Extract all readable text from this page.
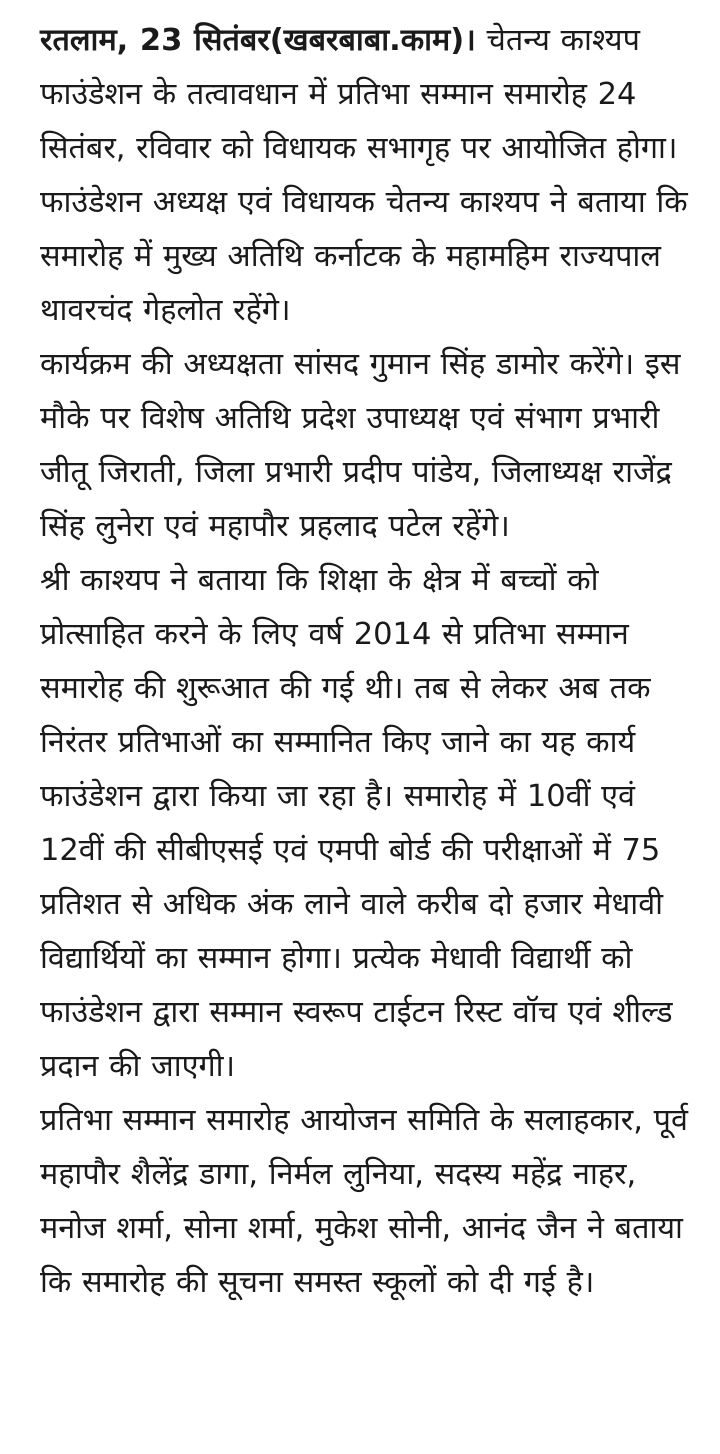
रतलाम, 23 सितंबर(खबरबाबा.काम)। चेतन्य काश्यप फाउंडेशन के तत्वावधान में प्रतिभा सम्मान समारोह 24 सितंबर, रविवार को विधायक सभागृह पर आयोजित होगा। फाउंडेशन अध्यक्ष एवं विधायक चेतन्य काश्यप ने बताया कि समारोह में मुख्य अतिथि कर्नाटक के महामहिम राज्यपाल थावरचंद गेहलोत रहेंगे।

कार्यक्रम की अध्यक्षता सांसद गुमान सिंह डामोर करेंगे। इस मौके पर विशेष अतिथि प्रदेश उपाध्यक्ष एवं संभाग प्रभारी जीतू जिराती, जिला प्रभारी प्रदीप पांडेय, जिलाध्यक्ष राजेंद्र सिंह लुनेरा एवं महापौर प्रहलाद पटेल रहेंगे।

श्री काश्यप ने बताया कि शिक्षा के क्षेत्र में बच्चों को प्रोत्साहित करने के लिए वर्ष 2014 से प्रतिभा सम्मान समारोह की शुरूआत की गई थी। तब से लेकर अब तक निरंतर प्रतिभाओं का सम्मानित किए जाने का यह कार्य फाउंडेशन द्वारा किया जा रहा है। समारोह में 10वीं एवं 12वीं की सीबीएसई एवं एमपी बोर्ड की परीक्षाओं में 75 प्रतिशत से अधिक अंक लाने वाले करीब दो हजार मेधावी विद्यार्थियों का सम्मान होगा। प्रत्येक मेधावी विद्यार्थी को फाउंडेशन द्वारा सम्मान स्वरूप टाईटन रिस्ट वॉच एवं शील्ड प्रदान की जाएगी।

प्रतिभा सम्मान समारोह आयोजन समिति के सलाहकार, पूर्व महापौर शैलेंद्र डागा, निर्मल लुनिया, सदस्य महेंद्र नाहर, मनोज शर्मा, सोना शर्मा, मुकेश सोनी, आनंद जैन ने बताया कि समारोह की सूचना समस्त स्कूलों को दी गई है।
